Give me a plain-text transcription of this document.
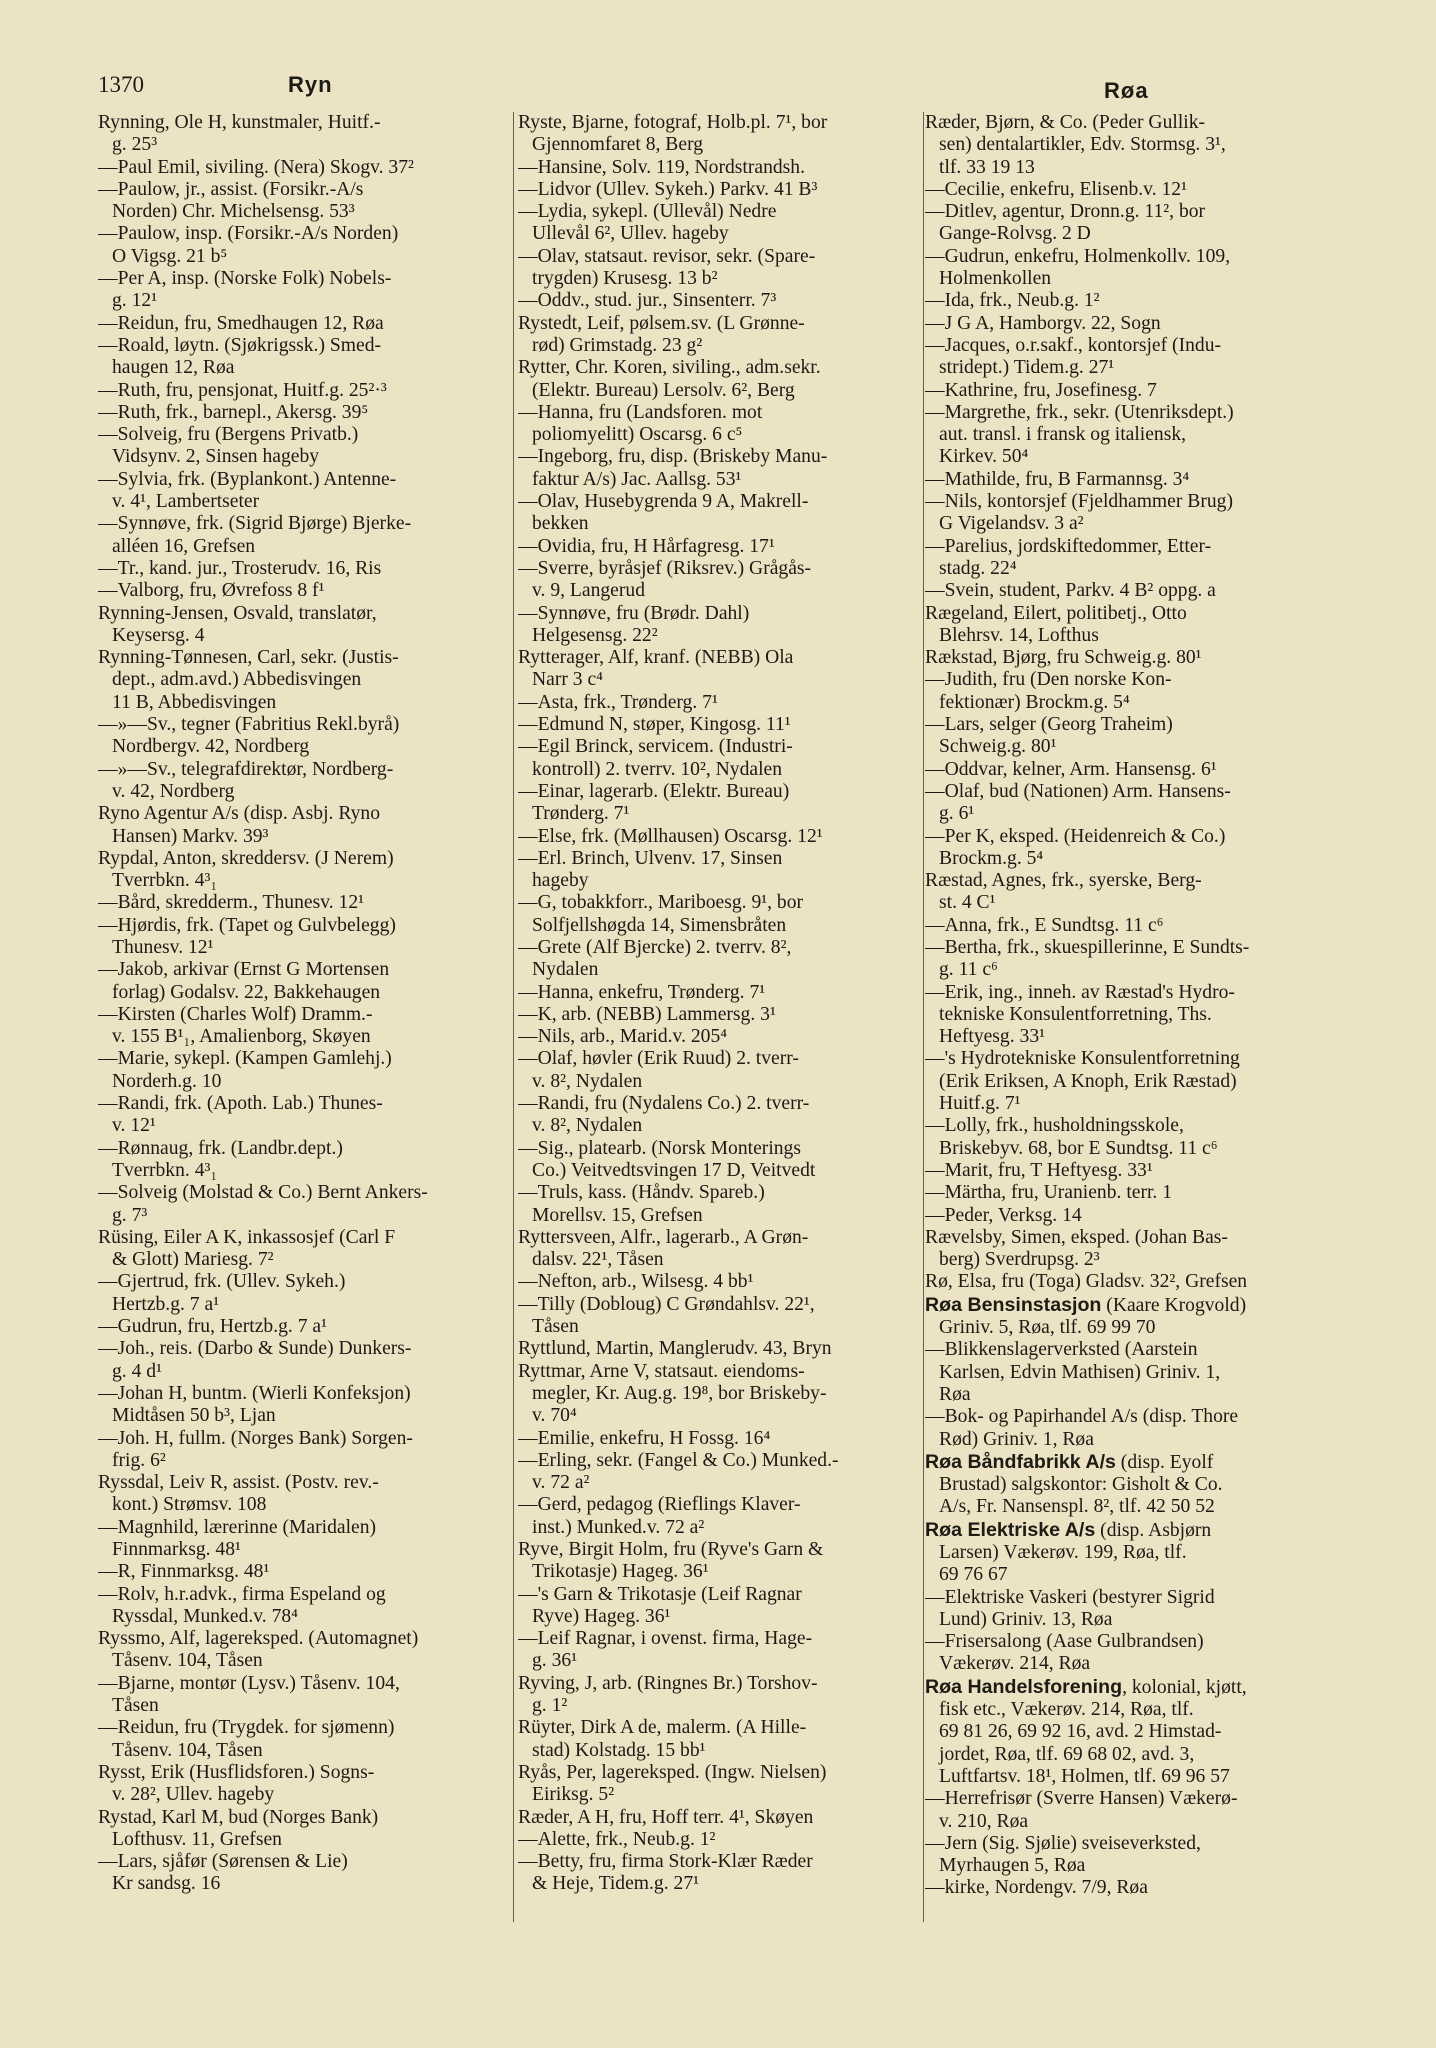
1370	Ryn	Røa

Rynning, Ole H, kunstmaler, Huitf.-
g. 25³

—Paul Emil, siviling. (Nera) Skogv. 37²

—Paulow, jr., assist. (Forsikr.-A/s
Norden) Chr. Michelsensg. 53³

—Paulow, insp. (Forsikr.-A/s Norden)
O Vigsg. 21 b⁵

—Per A, insp. (Norske Folk) Nobels-
g. 12¹

—Reidun, fru, Smedhaugen 12, Røa

—Roald, løytn. (Sjøkrigssk.) Smed-
haugen 12, Røa

—Ruth, fru, pensjonat, Huitf.g. 25²·³

—Ruth, frk., barnepl., Akersg. 39⁵

—Solveig, fru (Bergens Privatb.)
Vidsynv. 2, Sinsen hageby

—Sylvia, frk. (Byplankont.) Antenne-
v. 4¹, Lambertseter

—Synnøve, frk. (Sigrid Bjørge) Bjerke-
alléen 16, Grefsen

—Tr., kand. jur., Trosterudv. 16, Ris

—Valborg, fru, Øvrefoss 8 f¹

Rynning-Jensen, Osvald, translatør,
Keysersg. 4

Rynning-Tønnesen, Carl, sekr. (Justis-
dept., adm.avd.) Abbedisvingen
11 B, Abbedisvingen

—»—Sv., tegner (Fabritius Rekl.byrå)
Nordbergv. 42, Nordberg

—»—Sv., telegrafdirektør, Nordberg-
v. 42, Nordberg

Ryno Agentur A/s (disp. Asbj. Ryno
Hansen) Markv. 39³

Rypdal, Anton, skreddersv. (J Nerem)
Tverrbkn. 4³₁

—Bård, skredderm., Thunesv. 12¹

—Hjørdis, frk. (Tapet og Gulvbelegg)
Thunesv. 12¹

—Jakob, arkivar (Ernst G Mortensen
forlag) Godalsv. 22, Bakkehaugen

—Kirsten (Charles Wolf) Dramm.-
v. 155 B¹₁, Amalienborg, Skøyen

—Marie, sykepl. (Kampen Gamlehj.)
Norderh.g. 10

—Randi, frk. (Apoth. Lab.) Thunes-
v. 12¹

—Rønnaug, frk. (Landbr.dept.)
Tverrbkn. 4³₁

—Solveig (Molstad & Co.) Bernt Ankers-
g. 7³

Rüsing, Eiler A K, inkassosjef (Carl F
& Glott) Mariesg. 7²

—Gjertrud, frk. (Ullev. Sykeh.)
Hertzb.g. 7 a¹

—Gudrun, fru, Hertzb.g. 7 a¹

—Joh., reis. (Darbo & Sunde) Dunkers-
g. 4 d¹

—Johan H, buntm. (Wierli Konfeksjon)
Midtåsen 50 b³, Ljan

—Joh. H, fullm. (Norges Bank) Sorgen-
frig. 6²

Ryssdal, Leiv R, assist. (Postv. rev.-
kont.) Strømsv. 108

—Magnhild, lærerinne (Maridalen)
Finnmarksg. 48¹

—R, Finnmarksg. 48¹

—Rolv, h.r.advk., firma Espeland og
Ryssdal, Munked.v. 78⁴

Ryssmo, Alf, lagereksped. (Automagnet)
Tåsenv. 104, Tåsen

—Bjarne, montør (Lysv.) Tåsenv. 104,
Tåsen

—Reidun, fru (Trygdek. for sjømenn)
Tåsenv. 104, Tåsen

Rysst, Erik (Husflidsforen.) Sogns-
v. 28², Ullev. hageby

Rystad, Karl M, bud (Norges Bank)
Lofthusv. 11, Grefsen

—Lars, sjåfør (Sørensen & Lie)
Kr sandsg. 16

Ryste, Bjarne, fotograf, Holb.pl. 7¹, bor
Gjennomfaret 8, Berg

—Hansine, Solv. 119, Nordstrandsh.

—Lidvor (Ullev. Sykeh.) Parkv. 41 B³

—Lydia, sykepl. (Ullevål) Nedre
Ullevål 6², Ullev. hageby

—Olav, statsaut. revisor, sekr. (Spare-
trygden) Krusesg. 13 b²

—Oddv., stud. jur., Sinsenterr. 7³

Rystedt, Leif, pølsem.sv. (L Grønne-
rød) Grimstadg. 23 g²

Rytter, Chr. Koren, siviling., adm.sekr.
(Elektr. Bureau) Lersolv. 6², Berg

—Hanna, fru (Landsforen. mot
poliomyelitt) Oscarsg. 6 c⁵

—Ingeborg, fru, disp. (Briskeby Manu-
faktur A/s) Jac. Aallsg. 53¹

—Olav, Husebygrenda 9 A, Makrell-
bekken

—Ovidia, fru, H Hårfagresg. 17¹

—Sverre, byråsjef (Riksrev.) Grågås-
v. 9, Langerud

—Synnøve, fru (Brødr. Dahl)
Helgesensg. 22²

Rytterager, Alf, kranf. (NEBB) Ola
Narr 3 c⁴

—Asta, frk., Trønderg. 7¹

—Edmund N, støper, Kingosg. 11¹

—Egil Brinck, servicem. (Industri-
kontroll) 2. tverrv. 10², Nydalen

—Einar, lagerarb. (Elektr. Bureau)
Trønderg. 7¹

—Else, frk. (Møllhausen) Oscarsg. 12¹

—Erl. Brinch, Ulvenv. 17, Sinsen
hageby

—G, tobakkforr., Mariboesg. 9¹, bor
Solfjellshøgda 14, Simensbråten

—Grete (Alf Bjercke) 2. tverrv. 8²,
Nydalen

—Hanna, enkefru, Trønderg. 7¹

—K, arb. (NEBB) Lammersg. 3¹

—Nils, arb., Marid.v. 205⁴

—Olaf, høvler (Erik Ruud) 2. tverr-
v. 8², Nydalen

—Randi, fru (Nydalens Co.) 2. tverr-
v. 8², Nydalen

—Sig., platearb. (Norsk Monterings
Co.) Veitvedtsvingen 17 D, Veitvedt

—Truls, kass. (Håndv. Spareb.)
Morellsv. 15, Grefsen

Ryttersveen, Alfr., lagerarb., A Grøn-
dalsv. 22¹, Tåsen

—Nefton, arb., Wilsesg. 4 bb¹

—Tilly (Dobloug) C Grøndahlsv. 22¹,
Tåsen

Ryttlund, Martin, Manglerudv. 43, Bryn

Ryttmar, Arne V, statsaut. eiendoms-
megler, Kr. Aug.g. 19⁸, bor Briskeby-
v. 70⁴

—Emilie, enkefru, H Fossg. 16⁴

—Erling, sekr. (Fangel & Co.) Munked.-
v. 72 a²

—Gerd, pedagog (Rieflings Klaver-
inst.) Munked.v. 72 a²

Ryve, Birgit Holm, fru (Ryve's Garn &
Trikotasje) Hageg. 36¹

—'s Garn & Trikotasje (Leif Ragnar
Ryve) Hageg. 36¹

—Leif Ragnar, i ovenst. firma, Hage-
g. 36¹

Ryving, J, arb. (Ringnes Br.) Torshov-
g. 1²

Rüyter, Dirk A de, malerm. (A Hille-
stad) Kolstadg. 15 bb¹

Ryås, Per, lagereksped. (Ingw. Nielsen)
Eiriksg. 5²

Ræder, A H, fru, Hoff terr. 4¹, Skøyen

—Alette, frk., Neub.g. 1²

—Betty, fru, firma Stork-Klær Ræder
& Heje, Tidem.g. 27¹

Ræder, Bjørn, & Co. (Peder Gullik-
sen) dentalartikler, Edv. Stormsg. 3¹,
tlf. 33 19 13

—Cecilie, enkefru, Elisenb.v. 12¹

—Ditlev, agentur, Dronn.g. 11², bor
Gange-Rolvsg. 2 D

—Gudrun, enkefru, Holmenkollv. 109,
Holmenkollen

—Ida, frk., Neub.g. 1²

—J G A, Hamborgv. 22, Sogn

—Jacques, o.r.sakf., kontorsjef (Indu-
stridept.) Tidem.g. 27¹

—Kathrine, fru, Josefinesg. 7

—Margrethe, frk., sekr. (Utenriksdept.)
aut. transl. i fransk og italiensk,
Kirkev. 50⁴

—Mathilde, fru, B Farmannsg. 3⁴

—Nils, kontorsjef (Fjeldhammer Brug)
G Vigelandsv. 3 a²

—Parelius, jordskiftedommer, Etter-
stadg. 22⁴

—Svein, student, Parkv. 4 B² oppg. a

Rægeland, Eilert, politibetj., Otto
Blehrsv. 14, Lofthus

Rækstad, Bjørg, fru Schweig.g. 80¹

—Judith, fru (Den norske Kon-
fektionær) Brockm.g. 5⁴

—Lars, selger (Georg Traheim)
Schweig.g. 80¹

—Oddvar, kelner, Arm. Hansensg. 6¹

—Olaf, bud (Nationen) Arm. Hansens-
g. 6¹

—Per K, eksped. (Heidenreich & Co.)
Brockm.g. 5⁴

Ræstad, Agnes, frk., syerske, Berg-
st. 4 C¹

—Anna, frk., E Sundtsg. 11 c⁶

—Bertha, frk., skuespillerinne, E Sundts-
g. 11 c⁶

—Erik, ing., inneh. av Ræstad's Hydro-
tekniske Konsulentforretning, Ths.
Heftyesg. 33¹

—'s Hydrotekniske Konsulentforretning
(Erik Eriksen, A Knoph, Erik Ræstad)
Huitf.g. 7¹

—Lolly, frk., husholdningsskole,
Briskebyv. 68, bor E Sundtsg. 11 c⁶

—Marit, fru, T Heftyesg. 33¹

—Märtha, fru, Uranienb. terr. 1

—Peder, Verksg. 14

Rævelsby, Simen, eksped. (Johan Bas-
berg) Sverdrupsg. 2³

Rø, Elsa, fru (Toga) Gladsv. 32², Grefsen

Røa Bensinstasjon (Kaare Krogvold)
Griniv. 5, Røa, tlf. 69 99 70

—Blikkenslagerverksted (Aarstein
Karlsen, Edvin Mathisen) Griniv. 1,
Røa

—Bok- og Papirhandel A/s (disp. Thore
Rød) Griniv. 1, Røa

Røa Båndfabrikk A/s (disp. Eyolf
Brustad) salgskontor: Gisholt & Co.
A/s, Fr. Nansenspl. 8², tlf. 42 50 52

Røa Elektriske A/s (disp. Asbjørn
Larsen) Vækerøv. 199, Røa, tlf.
69 76 67

—Elektriske Vaskeri (bestyrer Sigrid
Lund) Griniv. 13, Røa

—Frisersalong (Aase Gulbrandsen)
Vækerøv. 214, Røa

Røa Handelsforening, kolonial, kjøtt,
fisk etc., Vækerøv. 214, Røa, tlf.
69 81 26, 69 92 16, avd. 2 Himstad-
jordet, Røa, tlf. 69 68 02, avd. 3,
Luftfartsv. 18¹, Holmen, tlf. 69 96 57

—Herrefrisør (Sverre Hansen) Vækerø-
v. 210, Røa

—Jern (Sig. Sjølie) sveiseverksted,
Myrhaugen 5, Røa

—kirke, Nordengv. 7/9, Røa
